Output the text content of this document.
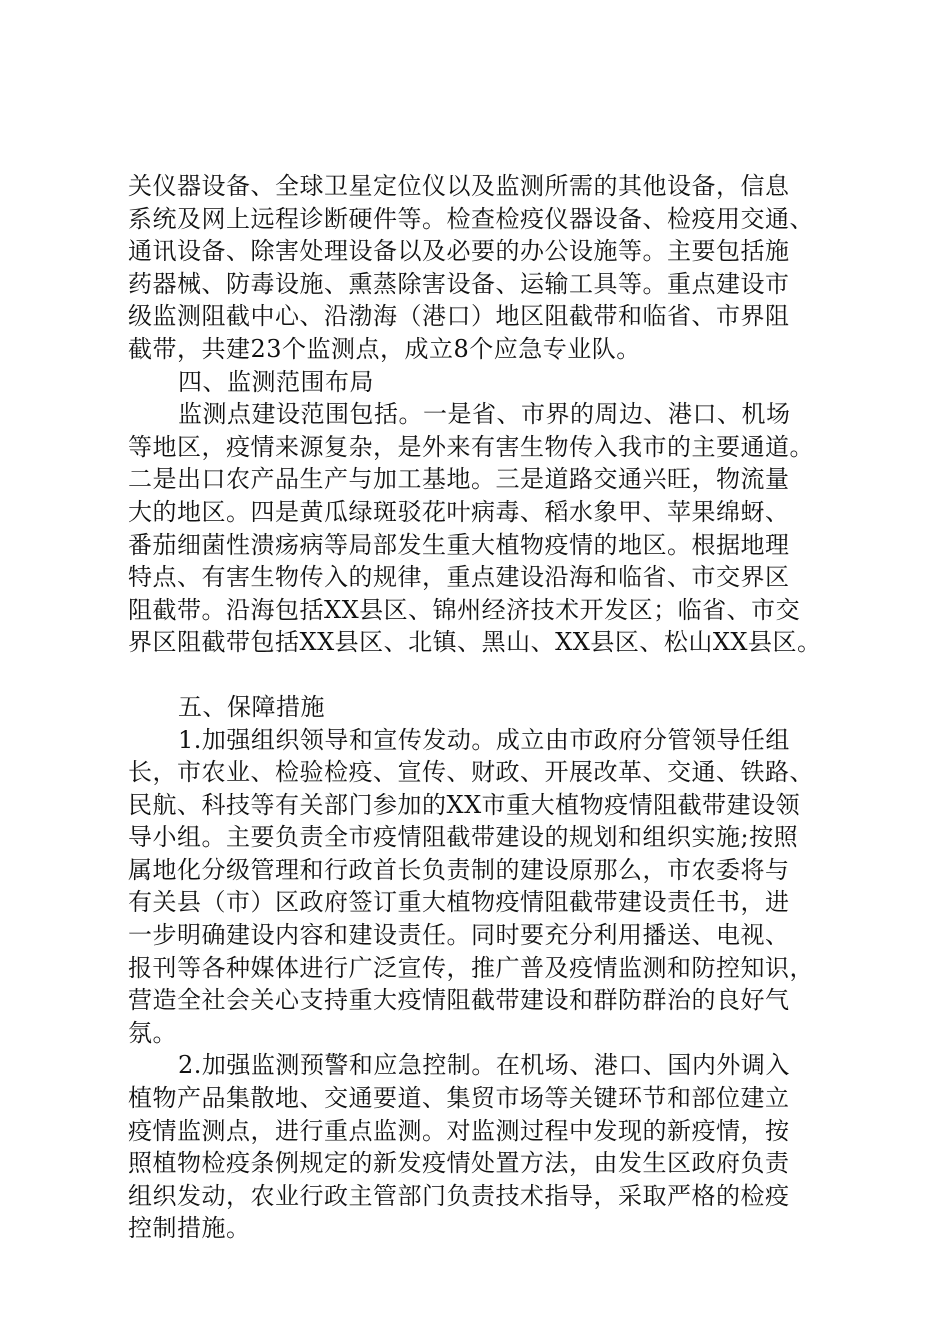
关仪器设备、全球卫星定位仪以及监测所需的其他设备，信息
系统及网上远程诊断硬件等。检查检疫仪器设备、检疫用交通、
通讯设备、除害处理设备以及必要的办公设施等。主要包括施
药器械、防毒设施、熏蒸除害设备、运输工具等。重点建设市
级监测阻截中心、沿渤海（港口）地区阻截带和临省、市界阻
截带，共建23个监测点，成立8个应急专业队。
四、监测范围布局
监测点建设范围包括。一是省、市界的周边、港口、机场
等地区，疫情来源复杂，是外来有害生物传入我市的主要通道。
二是出口农产品生产与加工基地。三是道路交通兴旺，物流量
大的地区。四是黄瓜绿斑驳花叶病毒、稻水象甲、苹果绵蚜、
番茄细菌性溃疡病等局部发生重大植物疫情的地区。根据地理
特点、有害生物传入的规律，重点建设沿海和临省、市交界区
阻截带。沿海包括XX县区、锦州经济技术开发区；临省、市交
界区阻截带包括XX县区、北镇、黑山、XX县区、松山XX县区。
五、保障措施
1.加强组织领导和宣传发动。成立由市政府分管领导任组
长，市农业、检验检疫、宣传、财政、开展改革、交通、铁路、
民航、科技等有关部门参加的XX市重大植物疫情阻截带建设领
导小组。主要负责全市疫情阻截带建设的规划和组织实施;按照
属地化分级管理和行政首长负责制的建设原那么，市农委将与
有关县（市）区政府签订重大植物疫情阻截带建设责任书，进
一步明确建设内容和建设责任。同时要充分利用播送、电视、
报刊等各种媒体进行广泛宣传，推广普及疫情监测和防控知识，
营造全社会关心支持重大疫情阻截带建设和群防群治的良好气
氛。
2.加强监测预警和应急控制。在机场、港口、国内外调入
植物产品集散地、交通要道、集贸市场等关键环节和部位建立
疫情监测点，进行重点监测。对监测过程中发现的新疫情，按
照植物检疫条例规定的新发疫情处置方法，由发生区政府负责
组织发动，农业行政主管部门负责技术指导，采取严格的检疫
控制措施。
